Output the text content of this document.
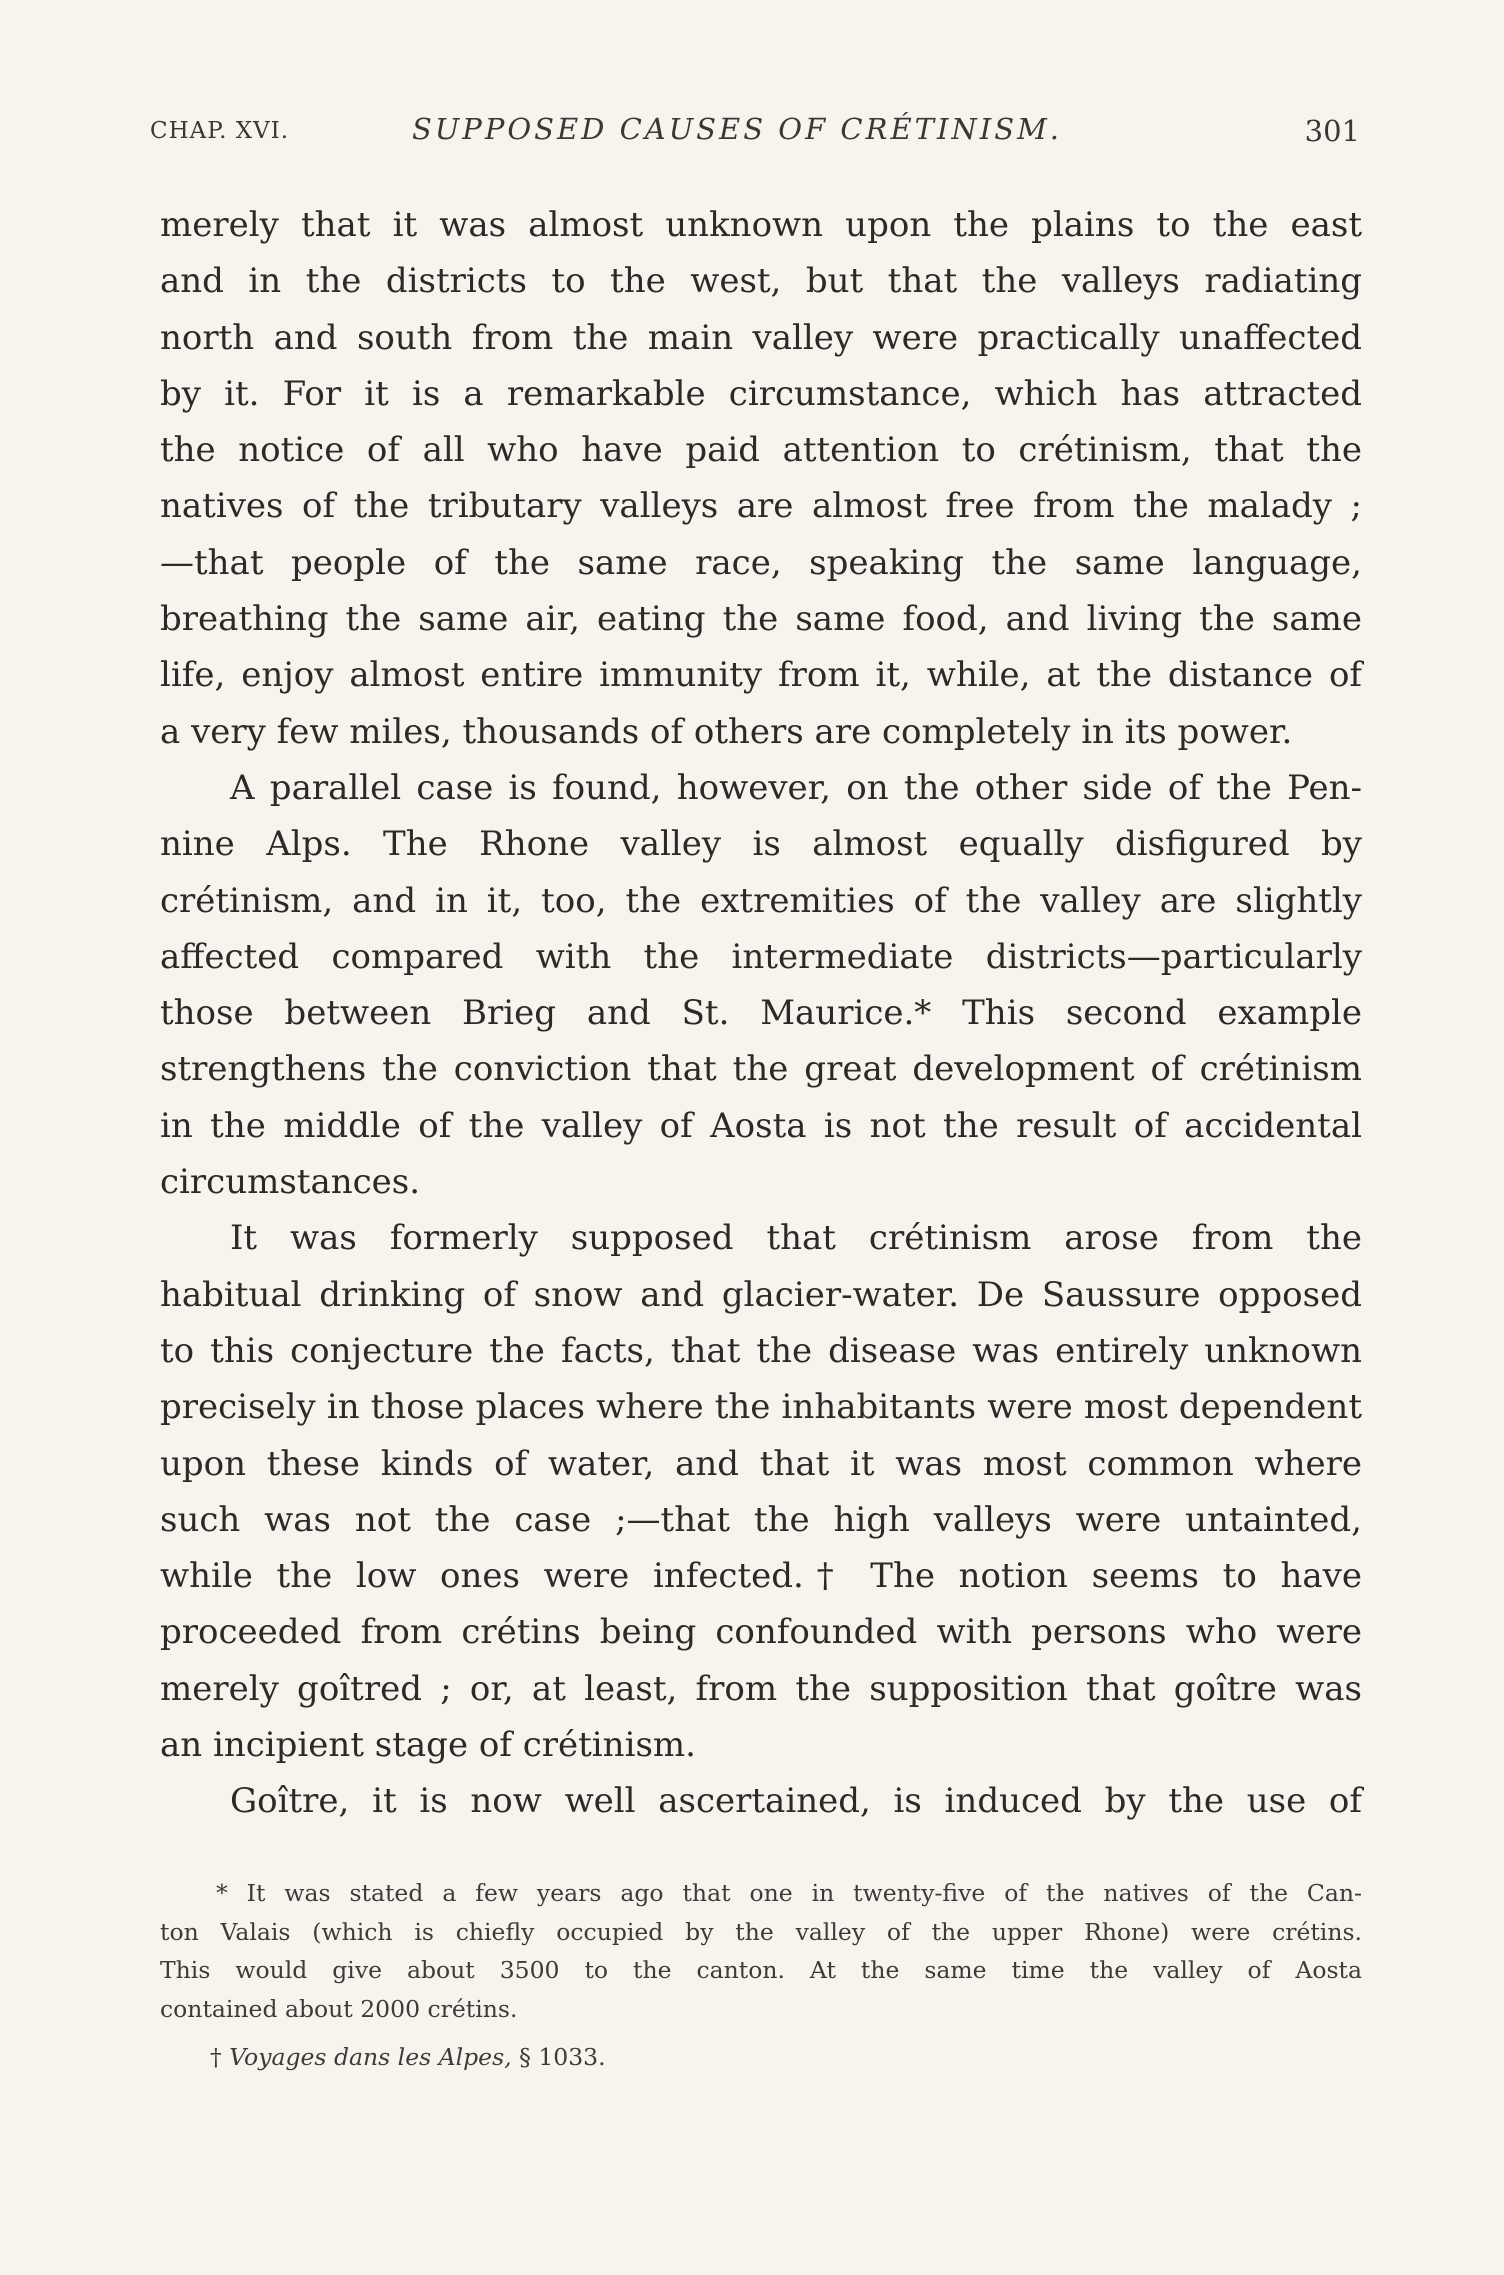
CHAP. XVI.	SUPPOSED CAUSES OF CRÉTINISM.	301
merely that it was almost unknown upon the plains to the east
and in the districts to the west, but that the valleys radiating
north and south from the main valley were practically unaffected
by it. For it is a remarkable circumstance, which has attracted
the notice of all who have paid attention to crétinism, that the
natives of the tributary valleys are almost free from the malady ;
—that people of the same race, speaking the same language,
breathing the same air, eating the same food, and living the same
life, enjoy almost entire immunity from it, while, at the distance of
a very few miles, thousands of others are completely in its power.
A parallel case is found, however, on the other side of the Pen-
nine Alps. The Rhone valley is almost equally disfigured by
crétinism, and in it, too, the extremities of the valley are slightly
affected compared with the intermediate districts—particularly
those between Brieg and St. Maurice.* This second example
strengthens the conviction that the great development of crétinism
in the middle of the valley of Aosta is not the result of accidental
circumstances.
It was formerly supposed that crétinism arose from the
habitual drinking of snow and glacier-water. De Saussure opposed
to this conjecture the facts, that the disease was entirely unknown
precisely in those places where the inhabitants were most dependent
upon these kinds of water, and that it was most common where
such was not the case ;—that the high valleys were untainted,
while the low ones were infected.† The notion seems to have
proceeded from crétins being confounded with persons who were
merely goîtred ; or, at least, from the supposition that goître was
an incipient stage of crétinism.
Goître, it is now well ascertained, is induced by the use of
* It was stated a few years ago that one in twenty-five of the natives of the Can-
ton Valais (which is chiefly occupied by the valley of the upper Rhone) were crétins.
This would give about 3500 to the canton. At the same time the valley of Aosta
contained about 2000 crétins.
† Voyages dans les Alpes, § 1033.
